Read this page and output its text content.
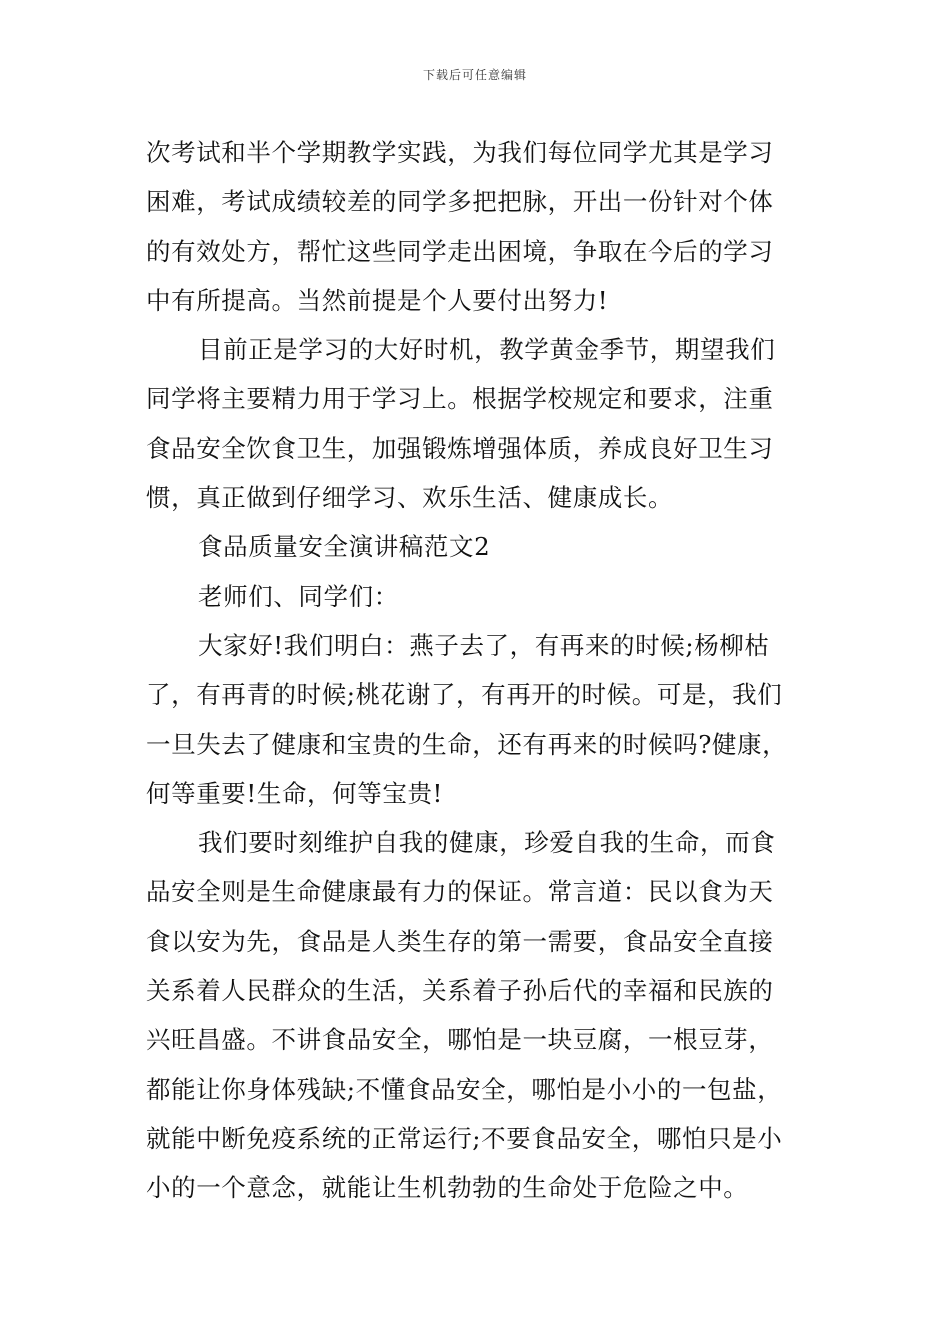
下载后可任意编辑
次考试和半个学期教学实践，为我们每位同学尤其是学习
困难，考试成绩较差的同学多把把脉，开出一份针对个体
的有效处方，帮忙这些同学走出困境，争取在今后的学习
中有所提高。当然前提是个人要付出努力!
目前正是学习的大好时机，教学黄金季节，期望我们
同学将主要精力用于学习上。根据学校规定和要求，注重
食品安全饮食卫生，加强锻炼增强体质，养成良好卫生习
惯，真正做到仔细学习、欢乐生活、健康成长。
食品质量安全演讲稿范文2
老师们、同学们：
大家好!我们明白：燕子去了，有再来的时候;杨柳枯
了，有再青的时候;桃花谢了，有再开的时候。可是，我们
一旦失去了健康和宝贵的生命，还有再来的时候吗?健康，
何等重要!生命，何等宝贵!
我们要时刻维护自我的健康，珍爱自我的生命，而食
品安全则是生命健康最有力的保证。常言道：民以食为天
食以安为先，食品是人类生存的第一需要，食品安全直接
关系着人民群众的生活，关系着子孙后代的幸福和民族的
兴旺昌盛。不讲食品安全，哪怕是一块豆腐，一根豆芽，
都能让你身体残缺;不懂食品安全，哪怕是小小的一包盐，
就能中断免疫系统的正常运行;不要食品安全，哪怕只是小
小的一个意念，就能让生机勃勃的生命处于危险之中。
